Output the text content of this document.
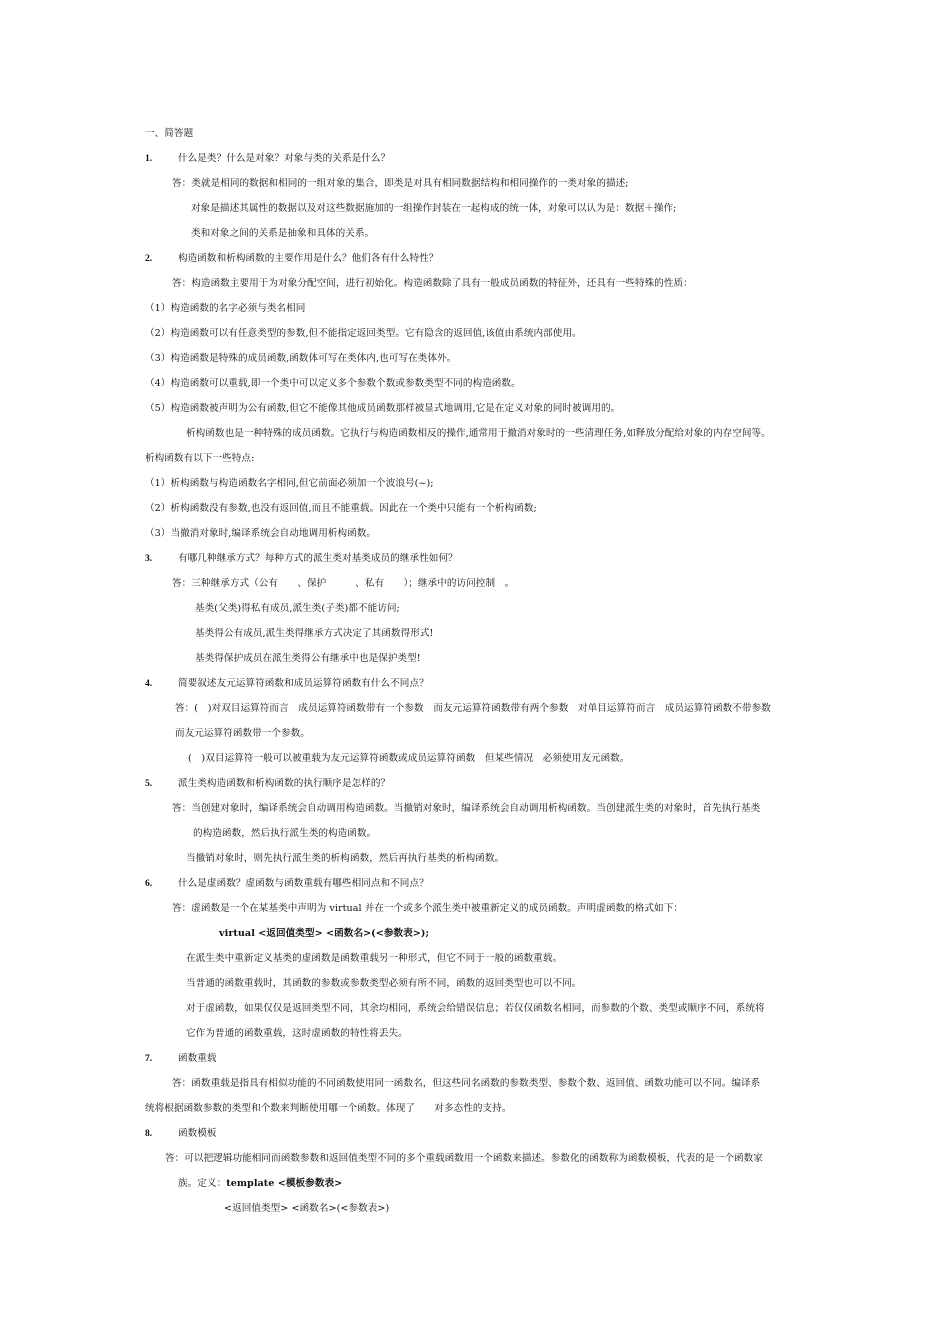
一、简答题
1.	什么是类？什么是对象？对象与类的关系是什么？
答：类就是相同的数据和相同的一组对象的集合，即类是对具有相同数据结构和相同操作的一类对象的描述;
对象是描述其属性的数据以及对这些数据施加的一组操作封装在一起构成的统一体，对象可以认为是：数据＋操作;
类和对象之间的关系是抽象和具体的关系。
2.	构造函数和析构函数的主要作用是什么？他们各有什么特性？
答：构造函数主要用于为对象分配空间，进行初始化。构造函数除了具有一般成员函数的特征外，还具有一些特殊的性质：
（1）构造函数的名字必须与类名相同
（2）构造函数可以有任意类型的参数,但不能指定返回类型。它有隐含的返回值,该值由系统内部使用。
（3）构造函数是特殊的成员函数,函数体可写在类体内,也可写在类体外。
（4）构造函数可以重载,即一个类中可以定义多个参数个数或参数类型不同的构造函数。
（5）构造函数被声明为公有函数,但它不能像其他成员函数那样被显式地调用,它是在定义对象的同时被调用的。
析构函数也是一种特殊的成员函数。它执行与构造函数相反的操作,通常用于撤消对象时的一些清理任务,如释放分配给对象的内存空间等。
析构函数有以下一些特点:
（1）析构函数与构造函数名字相同,但它前面必须加一个波浪号(~);
（2）析构函数没有参数,也没有返回值,而且不能重载。因此在一个类中只能有一个析构函数;
（3）当撤消对象时,编译系统会自动地调用析构函数。
3.	有哪几种继承方式？每种方式的派生类对基类成员的继承性如何？
答：三种继承方式（公有　　、保护　　　、私有　　）；继承中的访问控制　。
基类(父类)得私有成员,派生类(子类)都不能访问;
基类得公有成员,派生类得继承方式决定了其函数得形式!
基类得保护成员在派生类得公有继承中也是保护类型!
4.	简要叙述友元运算符函数和成员运算符函数有什么不同点？
答：(　)对双目运算符而言　成员运算符函数带有一个参数　而友元运算符函数带有两个参数　对单目运算符而言　成员运算符函数不带参数
而友元运算符函数带一个参数。
(　)双目运算符一般可以被重载为友元运算符函数或成员运算符函数　但某些情况　必须使用友元函数。
5.	派生类构造函数和析构函数的执行顺序是怎样的？
答：当创建对象时，编译系统会自动调用构造函数。当撤销对象时，编译系统会自动调用析构函数。当创建派生类的对象时，首先执行基类
的构造函数，然后执行派生类的构造函数。
当撤销对象时，则先执行派生类的析构函数，然后再执行基类的析构函数。
6.	什么是虚函数？虚函数与函数重载有哪些相同点和不同点？
答：虚函数是一个在某基类中声明为 virtual 并在一个或多个派生类中被重新定义的成员函数。声明虚函数的格式如下：
virtual <返回值类型> <函数名>(<参数表>);
在派生类中重新定义基类的虚函数是函数重载另一种形式，但它不同于一般的函数重载。
当普通的函数重载时，其函数的参数或参数类型必须有所不同，函数的返回类型也可以不同。
对于虚函数，如果仅仅是返回类型不同，其余均相同，系统会给错误信息；若仅仅函数名相同，而参数的个数、类型或顺序不同，系统将
它作为普通的函数重载，这时虚函数的特性将丢失。
7.	函数重载
答：函数重载是指具有相似功能的不同函数使用同一函数名，但这些同名函数的参数类型、参数个数、返回值、函数功能可以不同。编译系
统将根据函数参数的类型和个数来判断使用哪一个函数。体现了　　对多态性的支持。
8.	函数模板
答：可以把逻辑功能相同而函数参数和返回值类型不同的多个重载函数用一个函数来描述。参数化的函数称为函数模板，代表的是一个函数家
族。定义：template <模板参数表>
<返回值类型> <函数名>(<参数表>)
